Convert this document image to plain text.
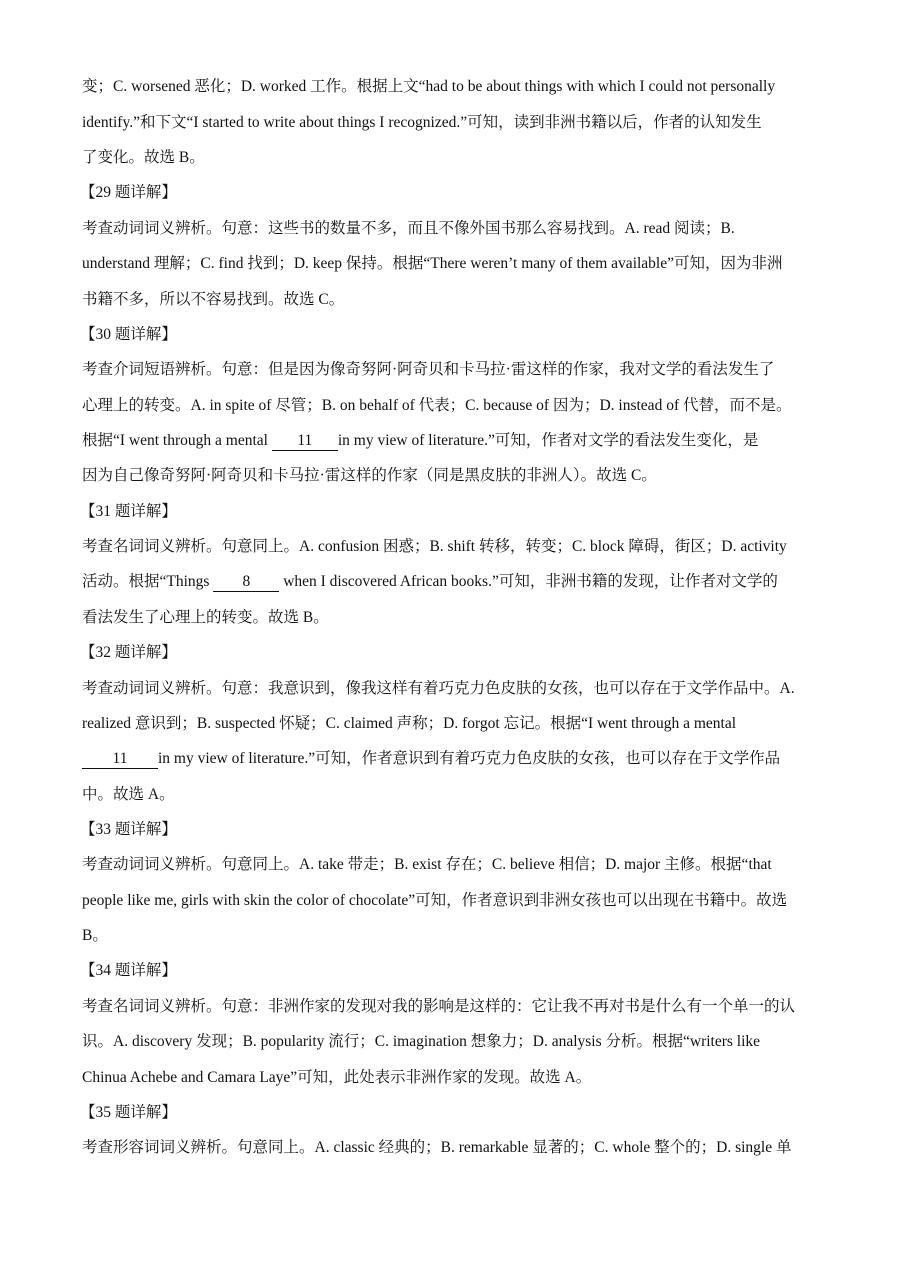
变；C. worsened 恶化；D. worked 工作。根据上文“had to be about things with which I could not personally
identify.”和下文“I started to write about things I recognized.”可知，读到非洲书籍以后，作者的认知发生
了变化。故选 B。
【29 题详解】
考查动词词义辨析。句意：这些书的数量不多，而且不像外国书那么容易找到。A. read 阅读；B.
understand 理解；C. find 找到；D. keep 保持。根据“There weren’t many of them available”可知，因为非洲
书籍不多，所以不容易找到。故选 C。
【30 题详解】
考查介词短语辨析。句意：但是因为像奇努阿·阿奇贝和卡马拉·雷这样的作家，我对文学的看法发生了
心理上的转变。A. in spite of 尽管；B. on behalf of 代表；C. because of 因为；D. instead of 代替，而不是。
根据“I went through a mental 11 in my view of literature.”可知，作者对文学的看法发生变化，是
因为自己像奇努阿·阿奇贝和卡马拉·雷这样的作家（同是黑皮肤的非洲人）。故选 C。
【31 题详解】
考查名词词义辨析。句意同上。A. confusion 困惑；B. shift 转移，转变；C. block 障碍，街区；D. activity
活动。根据“Things 8 when I discovered African books.”可知，非洲书籍的发现，让作者对文学的
看法发生了心理上的转变。故选 B。
【32 题详解】
考查动词词义辨析。句意：我意识到，像我这样有着巧克力色皮肤的女孩，也可以存在于文学作品中。A.
realized 意识到；B. suspected 怀疑；C. claimed 声称；D. forgot 忘记。根据“I went through a mental
11 in my view of literature.”可知，作者意识到有着巧克力色皮肤的女孩，也可以存在于文学作品
中。故选 A。
【33 题详解】
考查动词词义辨析。句意同上。A. take 带走；B. exist 存在；C. believe 相信；D. major 主修。根据“that
people like me, girls with skin the color of chocolate”可知，作者意识到非洲女孩也可以出现在书籍中。故选
B。
【34 题详解】
考查名词词义辨析。句意：非洲作家的发现对我的影响是这样的：它让我不再对书是什么有一个单一的认
识。A. discovery 发现；B. popularity 流行；C. imagination 想象力；D. analysis 分析。根据“writers like
Chinua Achebe and Camara Laye”可知，此处表示非洲作家的发现。故选 A。
【35 题详解】
考查形容词词义辨析。句意同上。A. classic 经典的；B. remarkable 显著的；C. whole 整个的；D. single 单
